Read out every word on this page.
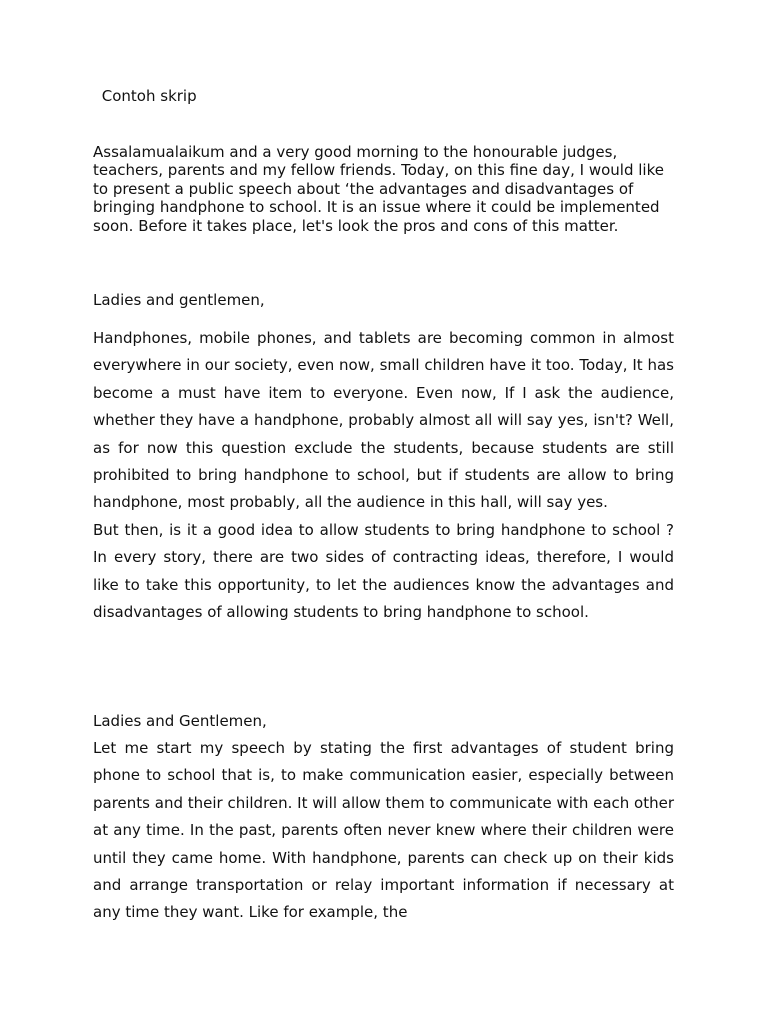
Contoh skrip
Assalamualaikum and a very good morning to the honourable judges, teachers, parents and my fellow friends. Today, on this fine day, I would like to present a public speech about ‘the advantages and disadvantages of bringing handphone to school. It is an issue where it could be implemented soon. Before it takes place, let's look the pros and cons of this matter.
Ladies and gentlemen,

Handphones, mobile phones, and tablets are becoming common in almost everywhere in our society, even now, small children have it too. Today, It has become a must have item to everyone. Even now, If I ask the audience, whether they have a handphone, probably almost all will say yes, isn't? Well, as for now this question exclude the students, because students are still prohibited to bring handphone to school, but if students are allow to bring handphone, most probably, all the audience in this hall, will say yes.

But then, is it a good idea to allow students to bring handphone to school ? In every story, there are two sides of contracting ideas, therefore, I would like to take this opportunity, to let the audiences know the advantages and disadvantages of allowing students to bring handphone to school.

Ladies and Gentlemen,

Let me start my speech by stating the first advantages of student bring phone to school that is, to make communication easier, especially between parents and their children. It will allow them to communicate with each other at any time. In the past, parents often never knew where their children were until they came home. With handphone, parents can check up on their kids and arrange transportation or relay important information if necessary at any time they want. Like for example, the
